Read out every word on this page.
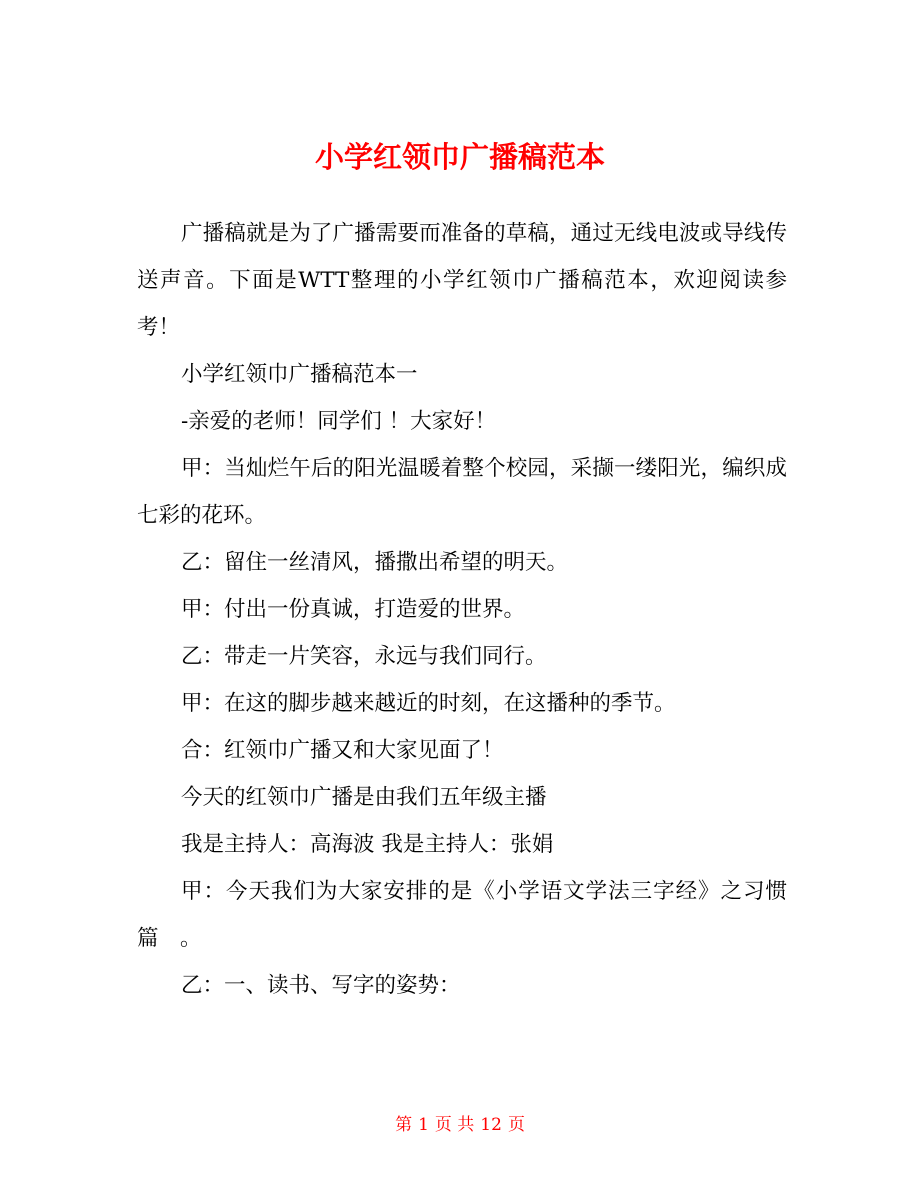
小学红领巾广播稿范本

广播稿就是为了广播需要而准备的草稿，通过无线电波或导线传送声音。下面是WTT整理的小学红领巾广播稿范本，欢迎阅读参考！

小学红领巾广播稿范本一

-亲爱的老师！同学们 ！大家好！

甲：当灿烂午后的阳光温暖着整个校园，采撷一缕阳光，编织成七彩的花环。

乙：留住一丝清风，播撒出希望的明天。

甲：付出一份真诚，打造爱的世界。

乙：带走一片笑容，永远与我们同行。

甲：在这的脚步越来越近的时刻，在这播种的季节。

合：红领巾广播又和大家见面了！

今天的红领巾广播是由我们五年级主播

我是主持人：高海波 我是主持人：张娟

甲：今天我们为大家安排的是《小学语文学法三字经》之习惯篇　。

乙：一、读书、写字的姿势：

第 1 页 共 12 页
